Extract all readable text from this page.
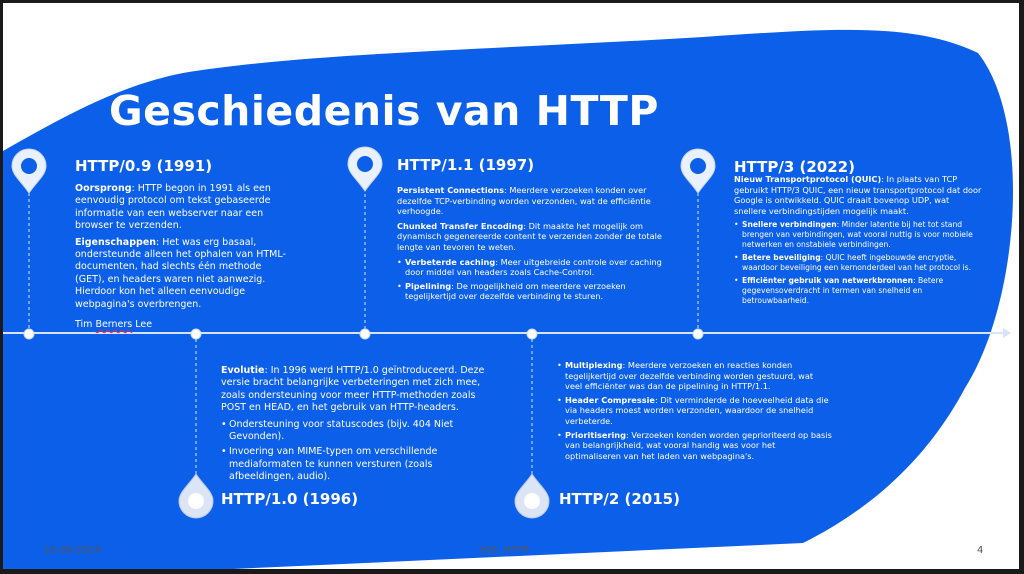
Geschiedenis van HTTP
HTTP/0.9 (1991)

Oorsprong: HTTP begon in 1991 als een eenvoudig protocol om tekst gebaseerde informatie van een webserver naar een browser te verzenden.

Eigenschappen: Het was erg basaal, ondersteunde alleen het ophalen van HTML-documenten, had slechts één methode (GET), en headers waren niet aanwezig. Hierdoor kon het alleen eenvoudige webpagina's overbrengen.

Tim Berners Lee

Evolutie: In 1996 werd HTTP/1.0 geïntroduceerd. Deze versie bracht belangrijke verbeteringen met zich mee, zoals ondersteuning voor meer HTTP-methoden zoals POST en HEAD, en het gebruik van HTTP-headers.

• Ondersteuning voor statuscodes (bijv. 404 Niet Gevonden).
• Invoering van MIME-typen om verschillende mediaformaten te kunnen versturen (zoals afbeeldingen, audio).
HTTP/1.0 (1996)
HTTP/1.1 (1997)

Persistent Connections: Meerdere verzoeken konden over dezelfde TCP-verbinding worden verzonden, wat de efficiëntie verhoogde.

Chunked Transfer Encoding: Dit maakte het mogelijk om dynamisch gegenereerde content te verzenden zonder de totale lengte van tevoren te weten.

• Verbeterde caching: Meer uitgebreide controle over caching door middel van headers zoals Cache-Control.
• Pipelining: De mogelijkheid om meerdere verzoeken tegelijkertijd over dezelfde verbinding te sturen.
• Multiplexing: Meerdere verzoeken en reacties konden tegelijkertijd over dezelfde verbinding worden gestuurd, wat veel efficiënter was dan de pipelining in HTTP/1.1.
• Header Compressie: Dit verminderde de hoeveelheid data die via headers moest worden verzonden, waardoor de snelheid verbeterde.
• Prioritisering: Verzoeken konden worden geprioriteerd op basis van belangrijkheid, wat vooral handig was voor het optimaliseren van het laden van webpagina's.
HTTP/2 (2015)
HTTP/3 (2022)

Nieuw Transportprotocol (QUIC): In plaats van TCP gebruikt HTTP/3 QUIC, een nieuw transportprotocol dat door Google is ontwikkeld. QUIC draait bovenop UDP, wat snellere verbindingstijden mogelijk maakt.

• Snellere verbindingen: Minder latentie bij het tot stand brengen van verbindingen, wat vooral nuttig is voor mobiele netwerken en onstabiele verbindingen.
• Betere beveiliging: QUIC heeft ingebouwde encryptie, waardoor beveiliging een kernonderdeel van het protocol is.
• Efficiënter gebruik van netwerkbronnen: Betere gegevensoverdracht in termen van snelheid en betrouwbaarheid.
19-09-2024	HIS: HTTP	4
